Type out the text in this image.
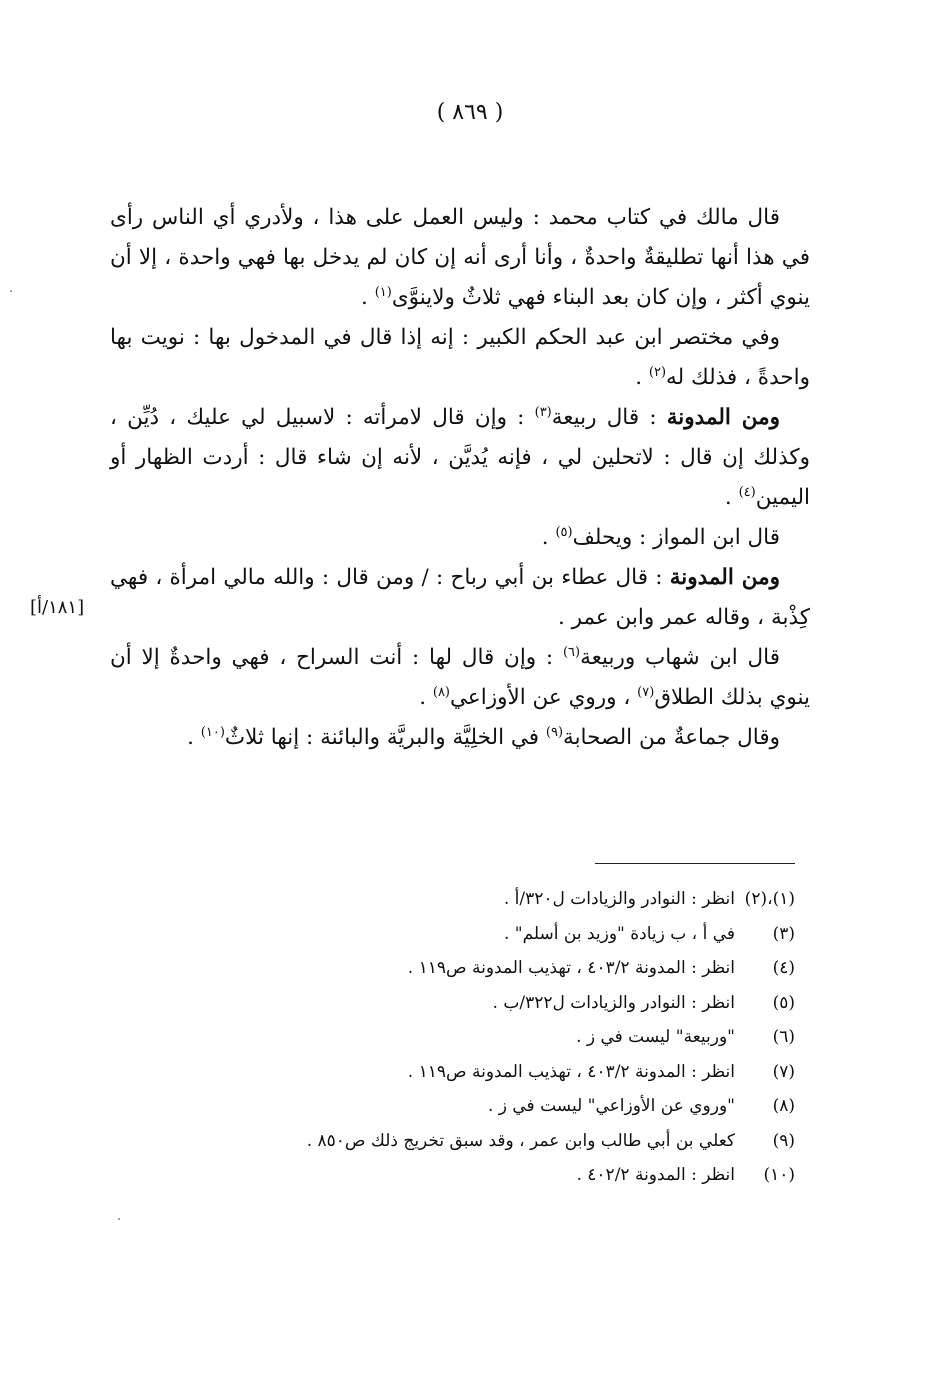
( ٨٦٩ )

قال مالك في كتاب محمد : وليس العمل على هذا ، ولأدري أي الناس رأى في هذا أنها تطليقةٌ واحدةٌ ، وأنا أرى أنه إن كان لم يدخل بها فهي واحدة ، إلا أن ينوي أكثر ، وإن كان بعد البناء فهي ثلاثٌ ولاينوَّى$^{(١)}$ .

وفي مختصر ابن عبد الحكم الكبير : إنه إذا قال في المدخول بها : نويت بها واحدةً ، فذلك له$^{(٢)}$ .

ومن المدونة : قال ربيعة$^{(٣)}$ : وإن قال لامرأته : لاسبيل لي عليك ، دُيِّن ، وكذلك إن قال : لاتحلين لي ، فإنه يُديَّن ، لأنه إن شاء قال : أردت الظهار أو اليمين$^{(٤)}$ .

قال ابن المواز : ويحلف$^{(٥)}$ .

ومن المدونة : قال عطاء بن أبي رباح : / ومن قال : والله مالي امرأة ، فهي كِذْبة ، وقاله عمر وابن عمر .

قال ابن شهاب وربيعة$^{(٦)}$ : وإن قال لها : أنت السراح ، فهي واحدةٌ إلا أن ينوي بذلك الطلاق$^{(٧)}$ ، وروي عن الأوزاعي$^{(٨)}$ .

وقال جماعةٌ من الصحابة$^{(٩)}$ في الخلِيَّة والبريَّة والبائنة : إنها ثلاثٌ$^{(١٠)}$ .

[١٨١/أ]
(١)،(٢)انظر : النوادر والزيادات ل٣٢٠/أ .
(٣)في أ ، ب زيادة "وزيد بن أسلم" .
(٤)انظر : المدونة ٤٠٣/٢ ، تهذيب المدونة ص١١٩ .
(٥)انظر : النوادر والزيادات ل٣٢٢/ب .
(٦)"وربيعة" ليست في ز .
(٧)انظر : المدونة ٤٠٣/٢ ، تهذيب المدونة ص١١٩ .
(٨)"وروي عن الأوزاعي" ليست في ز .
(٩)كعلي بن أبي طالب وابن عمر ، وقد سبق تخريج ذلك ص٨٥٠ .
(١٠)انظر : المدونة ٤٠٢/٢ .
